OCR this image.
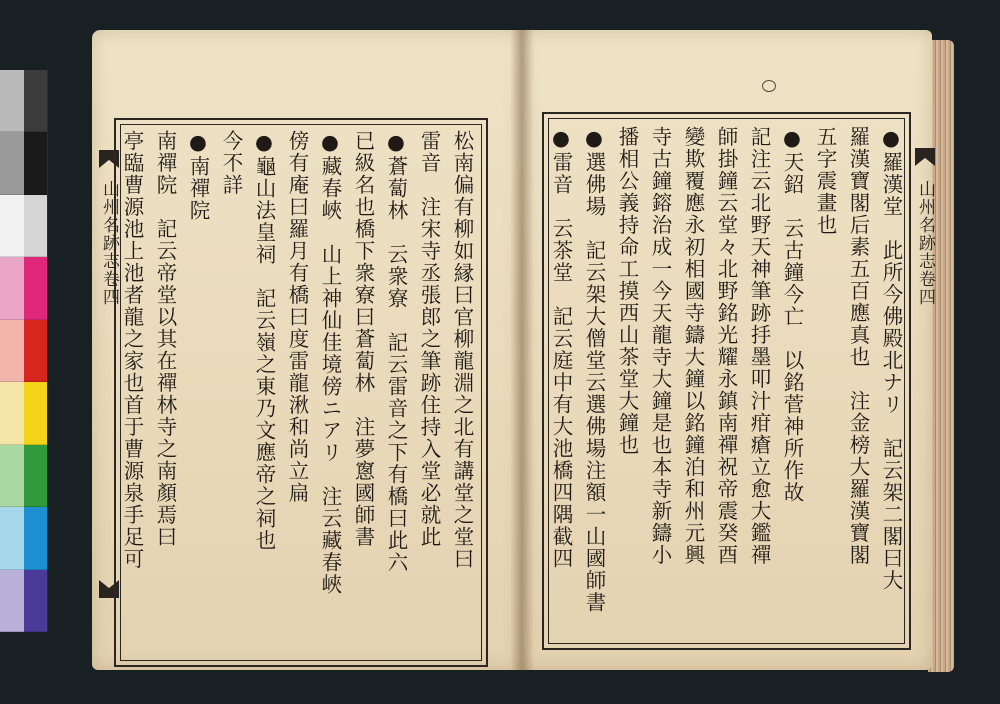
山州名跡志卷四	松南偏有柳如縁曰官柳龍淵之北有講堂之堂曰
雷音　注宋寺丞張郎之筆跡住持入堂必就此
●蒼蔔林　云衆寮　記云雷音之下有橋曰此六
已級名也橋下衆寮曰蒼蔔林　注夢窻國師書
●藏春峽　山上神仙佳境傍ニアリ　注云藏春峽
傍有庵曰羅月有橋曰度雷龍湫和尚立扁
●龜山法皇祠　記云嶺之東乃文應帝之祠也
今不詳
●南禪院
南禪院　記云帝堂以其在禪林寺之南顏焉曰
亭臨曹源池上池者龍之家也首于曹源泉手足可	●羅漢堂　此所今佛殿北ナリ　記云架二閣曰大
羅漢寶閣后素五百應真也　注金榜大羅漢寶閣
五字震畫也
●天鉊　云古鐘今亡　以銘菅神所作故
記注云北野天神筆跡抙墨叩汁疳瘡立愈大鑑禪
師掛鐘云堂々北野銘光耀永鎮南禪祝帝震癸酉
變欺覆應永初相國寺鑄大鐘以銘鐘泊和州元興
寺古鐘鎔治成一今天龍寺大鐘是也本寺新鑄小
播相公義持命工摸西山茶堂大鐘也
●選佛場　記云架大僧堂云選佛場注額一山國師書
●雷音　云茶堂　記云庭中有大池橋四隅截四	山州名跡志卷四
